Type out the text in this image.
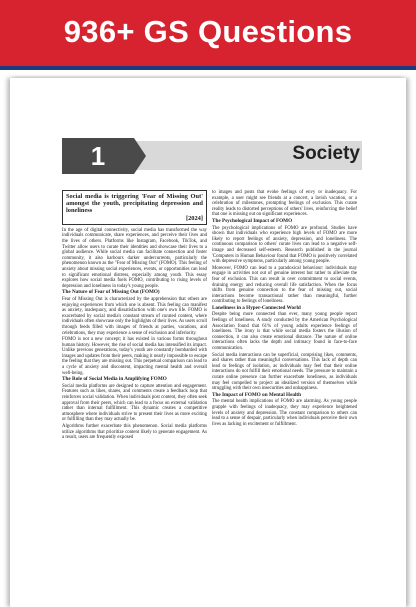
936+ GS Questions
1	Society
Social media is triggering 'Fear of Missing Out' amongst the youth, precipitating depression and loneliness
[2024]

In the age of digital connectivity, social media has transformed the way individuals communicate, share experiences, and perceive their lives and the lives of others. Platforms like Instagram, Facebook, TikTok, and Twitter allow users to curate their identities and showcase their lives to a global audience. While social media can facilitate connection and foster community, it also harbours darker undercurrents, particularly the phenomenon known as the "Fear of Missing Out" (FOMO). This feeling of anxiety about missing social experiences, events, or opportunities can lead to significant emotional distress, especially among youth. This essay explores how social media fuels FOMO, contributing to rising levels of depression and loneliness in today's young people.

The Nature of Fear of Missing Out (FOMO)

Fear of Missing Out is characterized by the apprehension that others are enjoying experiences from which one is absent. This feeling can manifest as anxiety, inadequacy, and dissatisfaction with one's own life. FOMO is exacerbated by social media's constant stream of curated content, where individuals often showcase only the highlights of their lives. As users scroll through feeds filled with images of friends at parties, vacations, and celebrations, they may experience a sense of exclusion and inferiority.

FOMO is not a new concept; it has existed in various forms throughout human history. However, the rise of social media has intensified its impact. Unlike previous generations, today's youth are constantly bombarded with images and updates from their peers, making it nearly impossible to escape the feeling that they are missing out. This perpetual comparison can lead to a cycle of anxiety and discontent, impacting mental health and overall well-being.

The Role of Social Media in Amplifying FOMO

Social media platforms are designed to capture attention and engagement. Features such as likes, shares, and comments create a feedback loop that reinforces social validation. When individuals post content, they often seek approval from their peers, which can lead to a focus on external validation rather than internal fulfillment. This dynamic creates a competitive atmosphere where individuals strive to present their lives as more exciting or fulfilling than they may actually be.

Algorithms further exacerbate this phenomenon. Social media platforms utilize algorithms that prioritize content likely to generate engagement. As a result, users are frequently exposed

to images and posts that evoke feelings of envy or inadequacy. For example, a user might see friends at a concert, a lavish vacation, or a celebration of milestones, prompting feelings of exclusion. This curate reality leads to distorted perceptions of others' lives, reinforcing the belief that one is missing out on significant experiences.

The Psychological Impact of FOMO

The psychological implications of FOMO are profound. Studies have shown that individuals who experience high levels of FOMO are more likely to report feelings of anxiety, depression, and loneliness. The continuous comparison to others' curate lives can lead to a negative self-image and decreased self-esteem. Research published in the journal 'Computers in Human Behaviour found that FOMO is positively correlated with depressive symptoms, particularly among young people.

Moreover, FOMO can lead to a paradoxical behaviour: individuals may engage in activities not out of genuine interest but rather to alleviate the fear of exclusion. This can result in over commitment to social events, draining energy and reducing overall life satisfaction. When the focus shifts from genuine connection to the fear of missing out, social interactions become transactional rather than meaningful, further contributing to feelings of loneliness.

Loneliness in a Hyper-Connected World

Despite being more connected than ever, many young people report feelings of loneliness. A study conducted by the American Psychological Association found that 61% of young adults experience feelings of loneliness. The irony is that while social media fosters the illusion of connection, it can also create emotional distance. The nature of online interactions often lacks the depth and intimacy found in face-to-face communication.

Social media interactions can be superficial, comprising likes, comments, and shares rather than meaningful conversations. This lack of depth can lead to feelings of isolation, as individuals may feel that their online interactions do not fulfill their emotional needs. The pressure to maintain a curate online presence can further exacerbate loneliness, as individuals may feel compelled to project an idealized version of themselves while struggling with their own insecurities and unhappiness.

The Impact of FOMO on Mental Health

The mental health implications of FOMO are alarming. As young people grapple with feelings of inadequacy, they may experience heightened levels of anxiety and depression. The constant comparison to others can lead to a sense of despair, particularly when individuals perceive their own lives as lacking in excitement or fulfillment.
